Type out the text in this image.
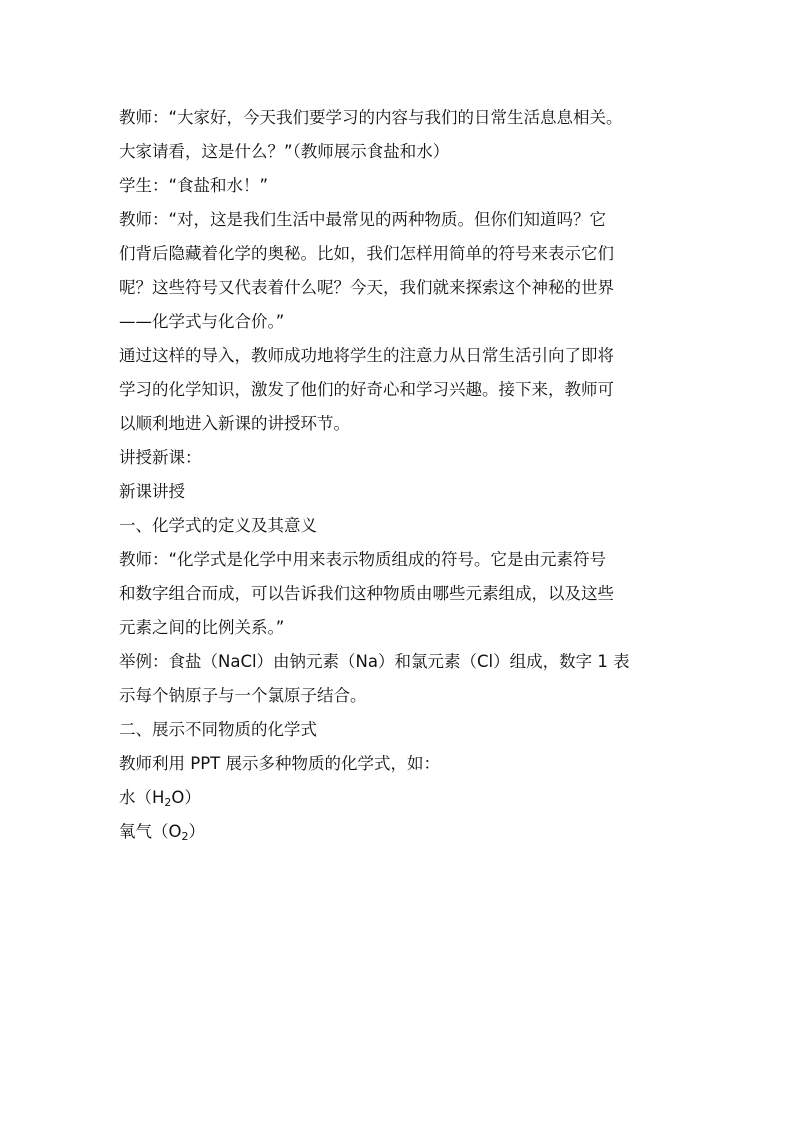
教师：“大家好，今天我们要学习的内容与我们的日常生活息息相关。
大家请看，这是什么？”（教师展示食盐和水）
学生：“食盐和水！”
教师：“对，这是我们生活中最常见的两种物质。但你们知道吗？它
们背后隐藏着化学的奥秘。比如，我们怎样用简单的符号来表示它们
呢？这些符号又代表着什么呢？今天，我们就来探索这个神秘的世界
——化学式与化合价。”
通过这样的导入，教师成功地将学生的注意力从日常生活引向了即将
学习的化学知识，激发了他们的好奇心和学习兴趣。接下来，教师可
以顺利地进入新课的讲授环节。
讲授新课：
新课讲授
一、化学式的定义及其意义
教师：“化学式是化学中用来表示物质组成的符号。它是由元素符号
和数字组合而成，可以告诉我们这种物质由哪些元素组成，以及这些
元素之间的比例关系。”
举例：食盐（NaCl）由钠元素（Na）和氯元素（Cl）组成，数字 1 表
示每个钠原子与一个氯原子结合。
二、展示不同物质的化学式
教师利用 PPT 展示多种物质的化学式，如：
水$(H_2O)$
氧气$(O_2)$
